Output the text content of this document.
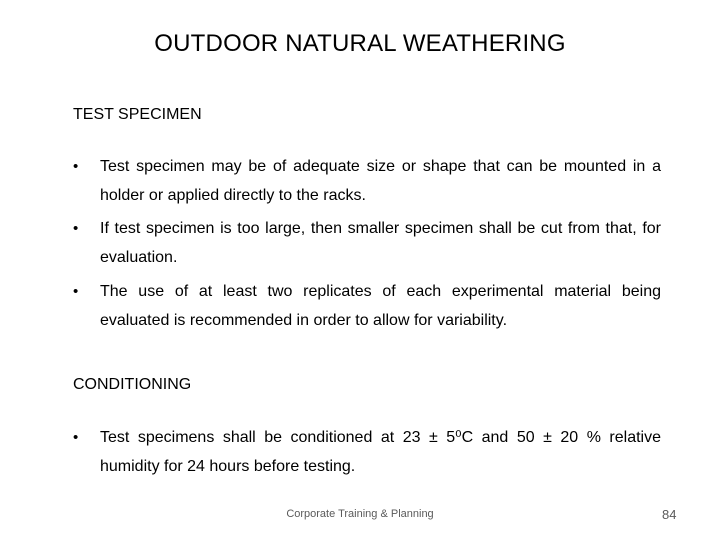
OUTDOOR NATURAL WEATHERING
TEST SPECIMEN
• Test specimen may be of adequate size or shape that can be mounted in a holder or applied directly to the racks.
• If test specimen is too large, then smaller specimen shall be cut from that, for evaluation.
• The use of at least two replicates of each experimental material being evaluated is recommended in order to allow for variability.
CONDITIONING
• Test specimens shall be conditioned at 23 ± 5⁰C and 50 ± 20 % relative humidity for 24 hours before testing.
Corporate Training & Planning	84
